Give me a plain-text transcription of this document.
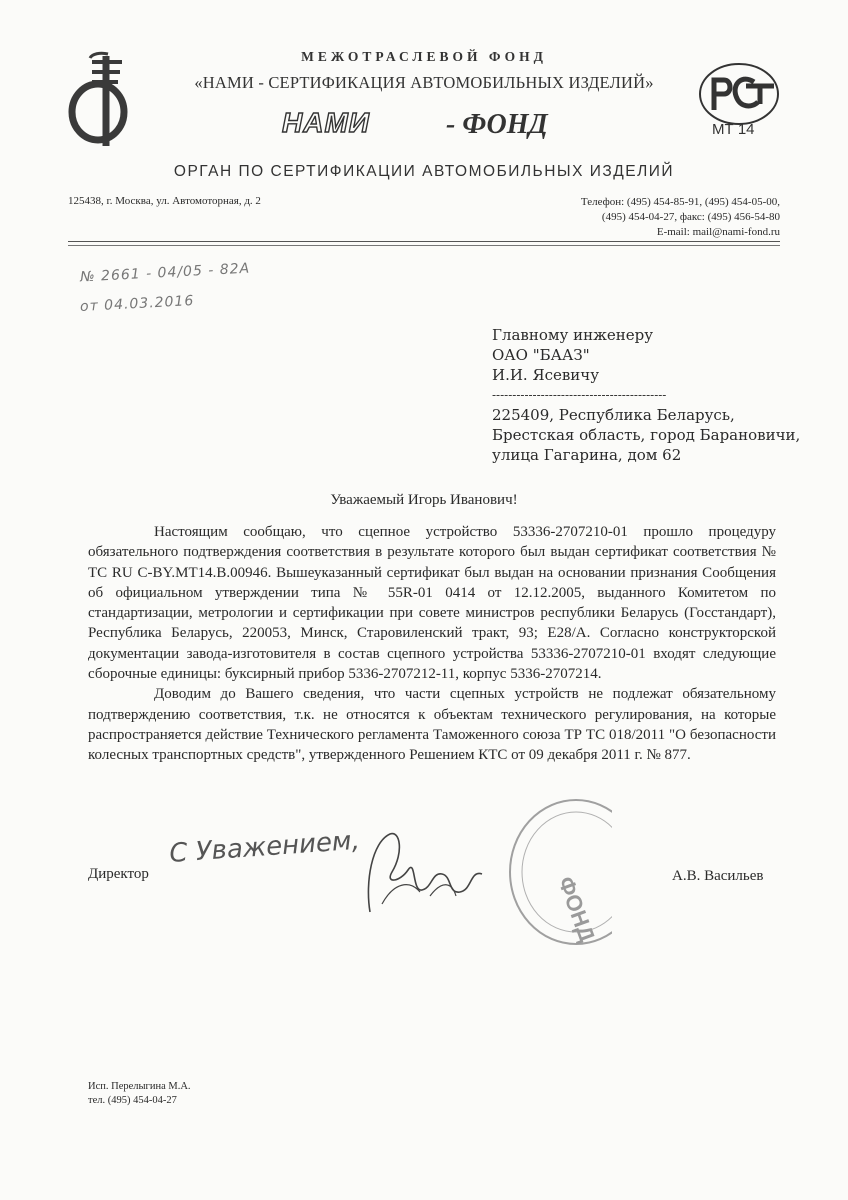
МЕЖОТРАСЛЕВОЙ ФОНД
«НАМИ - СЕРТИФИКАЦИЯ АВТОМОБИЛЬНЫХ ИЗДЕЛИЙ»
НАМИ	- ФОНД	МТ 14
ОРГАН ПО СЕРТИФИКАЦИИ АВТОМОБИЛЬНЫХ ИЗДЕЛИЙ
125438, г. Москва, ул. Автомоторная, д. 2	Телефон: (495) 454-85-91, (495) 454-05-00,
(495) 454-04-27, факс: (495) 456-54-80
E-mail: mail@nami-fond.ru
№ 2661 - 04/05 - 82А
от 04.03.2016
Главному инженеру
ОАО "БААЗ"
И.И. Ясевичу
-------------------------------------------
225409, Республика Беларусь,
Брестская область, город Барановичи,
улица Гагарина, дом 62
Уважаемый Игорь Иванович!

Настоящим сообщаю, что сцепное устройство 53336-2707210-01 прошло процедуру обязательного подтверждения соответствия в результате которого был выдан сертификат соответствия № ТС RU C-BY.МТ14.В.00946. Вышеуказанный сертификат был выдан на основании признания Сообщения об официальном утверждении типа № 55R-01 0414 от 12.12.2005, выданного Комитетом по стандартизации, метрологии и сертификации при совете министров республики Беларусь (Госстандарт), Республика Беларусь, 220053, Минск, Старовиленский тракт, 93; Е28/А. Согласно конструкторской документации завода-изготовителя в состав сцепного устройства 53336-2707210-01 входят следующие сборочные единицы: буксирный прибор 5336-2707212-11, корпус 5336-2707214.

Доводим до Вашего сведения, что части сцепных устройств не подлежат обязательному подтверждению соответствия, т.к. не относятся к объектам технического регулирования, на которые распространяется действие Технического регламента Таможенного союза ТР ТС 018/2011 "О безопасности колесных транспортных средств", утвержденного Решением КТС от 09 декабря 2011 г. № 877.

ФОНД
С Уважением,
Директор	А.В. Васильев
Исп. Перелыгина М.А.
тел. (495) 454-04-27
